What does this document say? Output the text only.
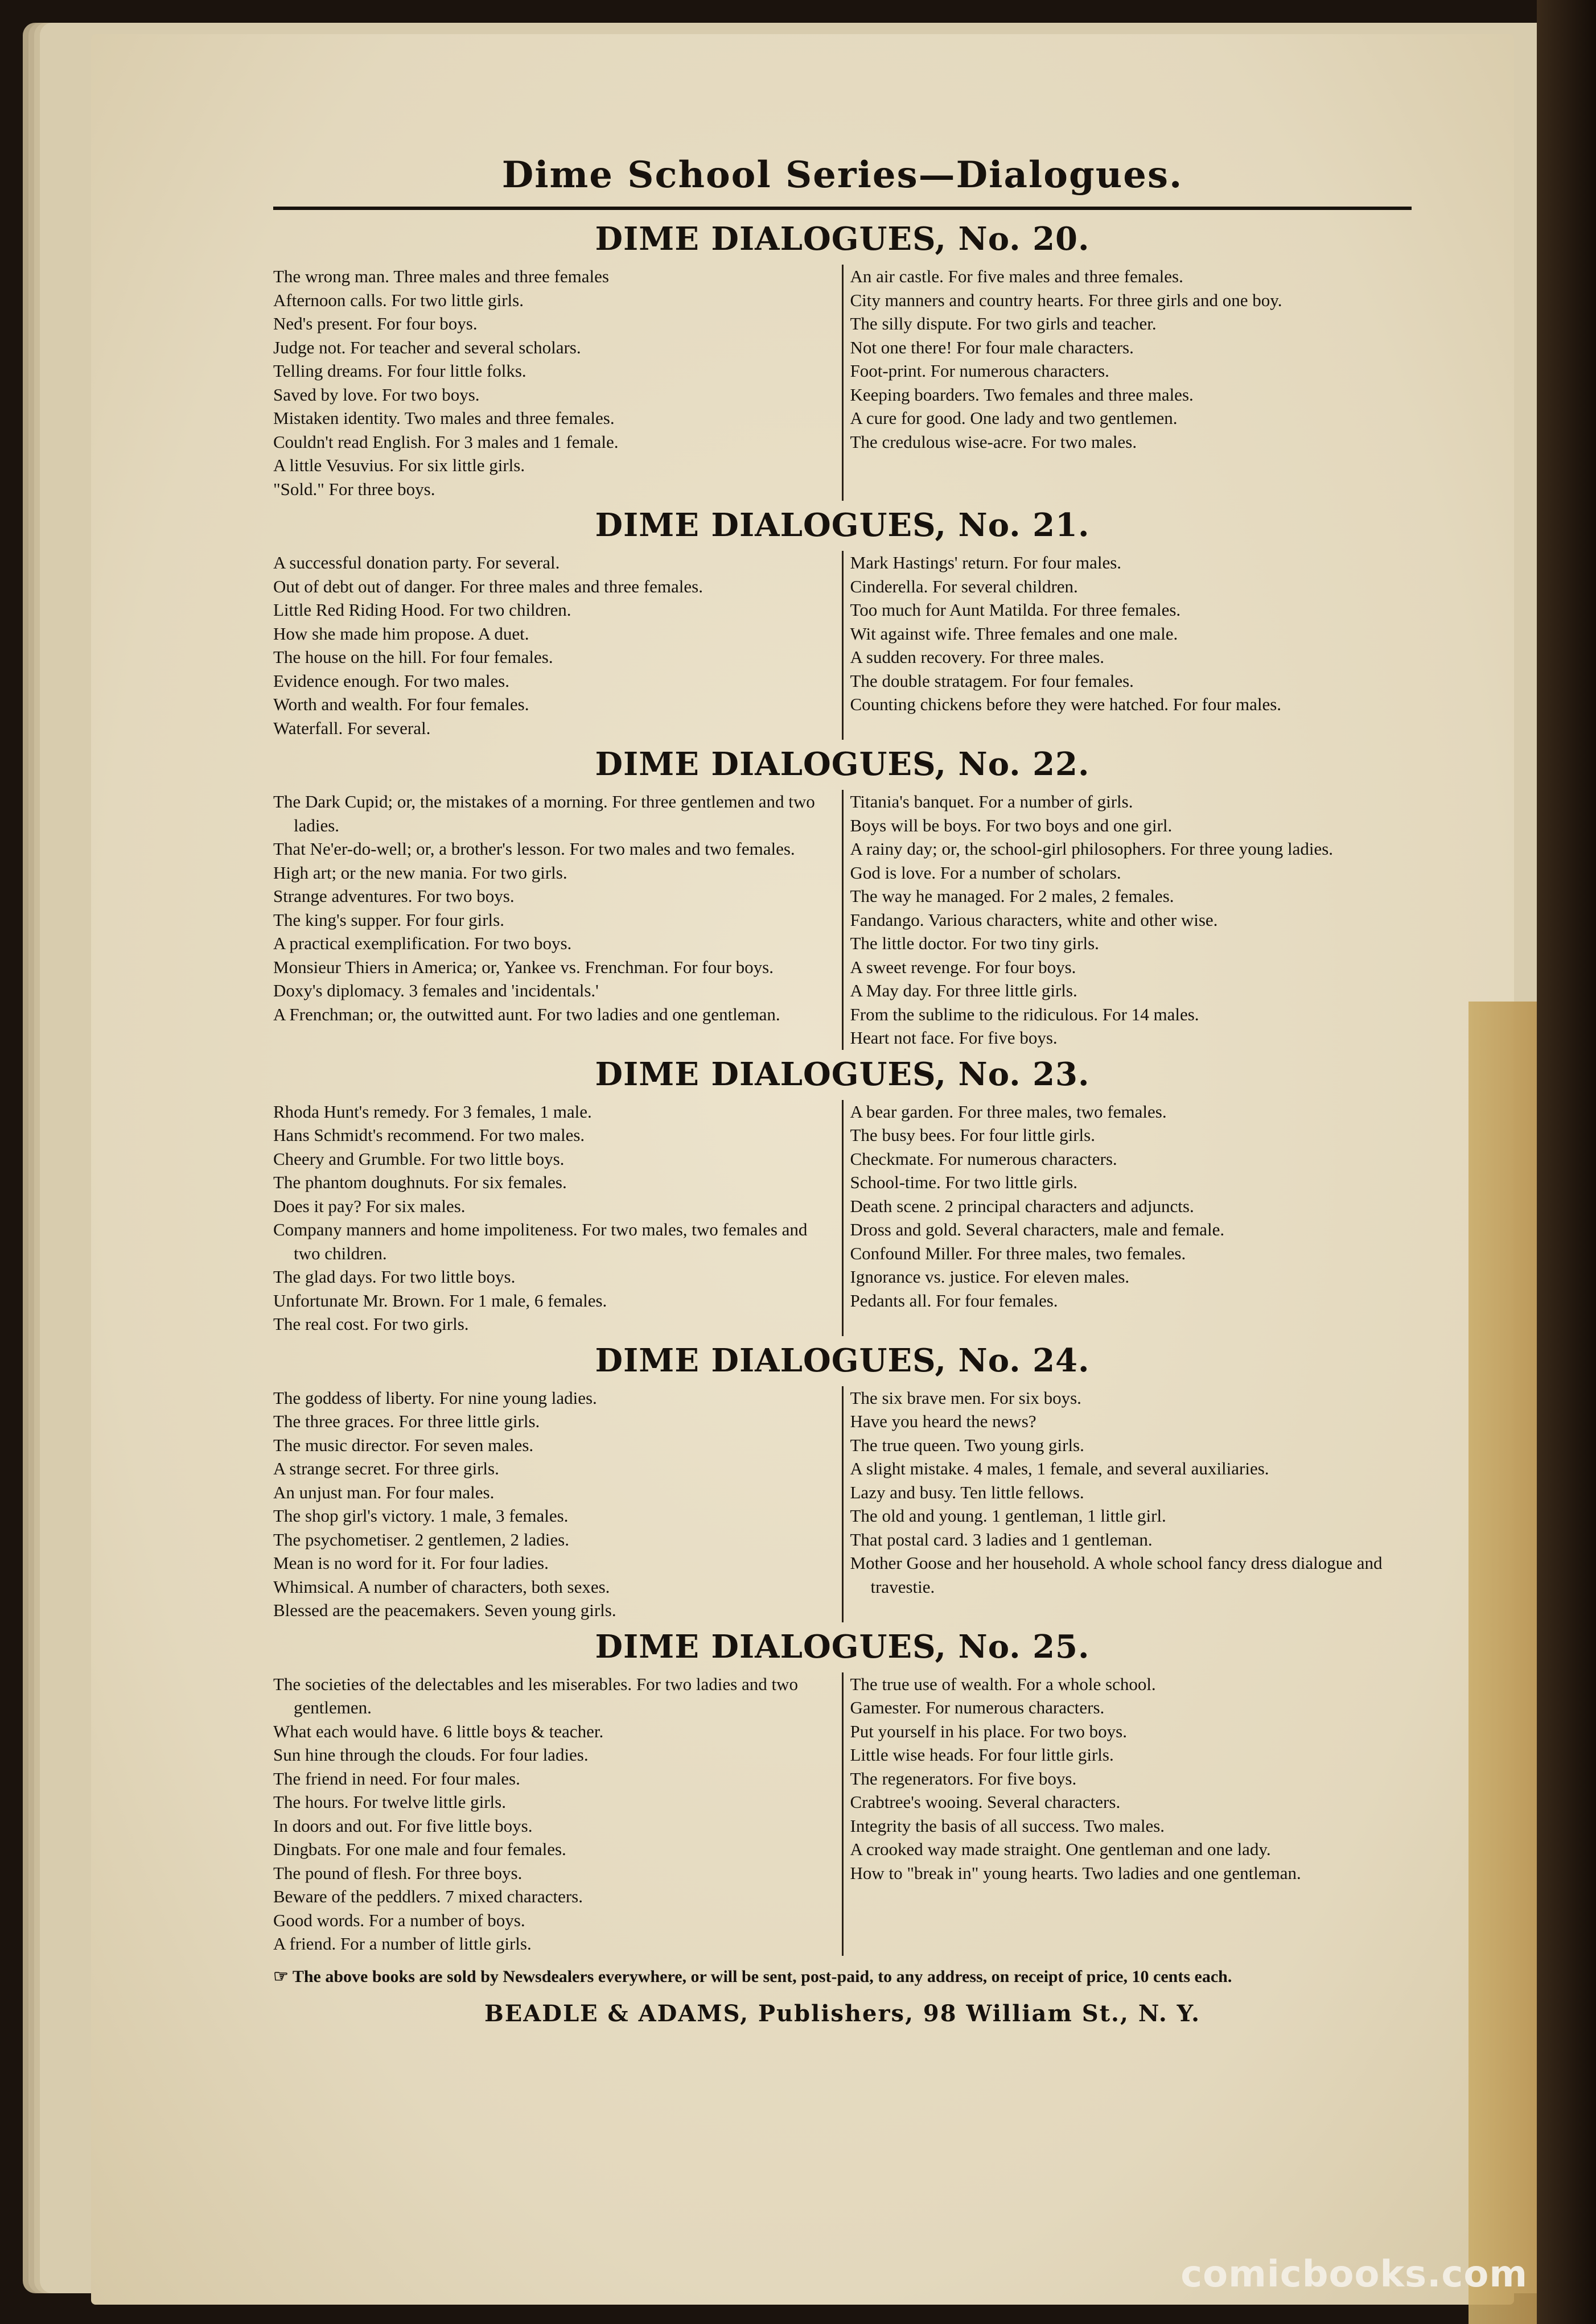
Dime School Series—Dialogues.
DIME DIALOGUES, No. 20.
The wrong man. Three males and three females
Afternoon calls. For two little girls.
Ned's present. For four boys.
Judge not. For teacher and several scholars.
Telling dreams. For four little folks.
Saved by love. For two boys.
Mistaken identity. Two males and three females.
Couldn't read English. For 3 males and 1 female.
A little Vesuvius. For six little girls.
"Sold." For three boys.
An air castle. For five males and three females.
City manners and country hearts. For three girls and one boy.
The silly dispute. For two girls and teacher.
Not one there! For four male characters.
Foot-print. For numerous characters.
Keeping boarders. Two females and three males.
A cure for good. One lady and two gentlemen.
The credulous wise-acre. For two males.
DIME DIALOGUES, No. 21.
A successful donation party. For several.
Out of debt out of danger. For three males and three females.
Little Red Riding Hood. For two children.
How she made him propose. A duet.
The house on the hill. For four females.
Evidence enough. For two males.
Worth and wealth. For four females.
Waterfall. For several.
Mark Hastings' return. For four males.
Cinderella. For several children.
Too much for Aunt Matilda. For three females.
Wit against wife. Three females and one male.
A sudden recovery. For three males.
The double stratagem. For four females.
Counting chickens before they were hatched. For four males.
DIME DIALOGUES, No. 22.
The Dark Cupid; or, the mistakes of a morning. For three gentlemen and two ladies.
That Ne'er-do-well; or, a brother's lesson. For two males and two females.
High art; or the new mania. For two girls.
Strange adventures. For two boys.
The king's supper. For four girls.
A practical exemplification. For two boys.
Monsieur Thiers in America; or, Yankee vs. Frenchman. For four boys.
Doxy's diplomacy. 3 females and 'incidentals.'
A Frenchman; or, the outwitted aunt. For two ladies and one gentleman.
Titania's banquet. For a number of girls.
Boys will be boys. For two boys and one girl.
A rainy day; or, the school-girl philosophers. For three young ladies.
God is love. For a number of scholars.
The way he managed. For 2 males, 2 females.
Fandango. Various characters, white and other wise.
The little doctor. For two tiny girls.
A sweet revenge. For four boys.
A May day. For three little girls.
From the sublime to the ridiculous. For 14 males.
Heart not face. For five boys.
DIME DIALOGUES, No. 23.
Rhoda Hunt's remedy. For 3 females, 1 male.
Hans Schmidt's recommend. For two males.
Cheery and Grumble. For two little boys.
The phantom doughnuts. For six females.
Does it pay? For six males.
Company manners and home impoliteness. For two males, two females and two children.
The glad days. For two little boys.
Unfortunate Mr. Brown. For 1 male, 6 females.
The real cost. For two girls.
A bear garden. For three males, two females.
The busy bees. For four little girls.
Checkmate. For numerous characters.
School-time. For two little girls.
Death scene. 2 principal characters and adjuncts.
Dross and gold. Several characters, male and female.
Confound Miller. For three males, two females.
Ignorance vs. justice. For eleven males.
Pedants all. For four females.
DIME DIALOGUES, No. 24.
The goddess of liberty. For nine young ladies.
The three graces. For three little girls.
The music director. For seven males.
A strange secret. For three girls.
An unjust man. For four males.
The shop girl's victory. 1 male, 3 females.
The psychometiser. 2 gentlemen, 2 ladies.
Mean is no word for it. For four ladies.
Whimsical. A number of characters, both sexes.
Blessed are the peacemakers. Seven young girls.
The six brave men. For six boys.
Have you heard the news?
The true queen. Two young girls.
A slight mistake. 4 males, 1 female, and several auxiliaries.
Lazy and busy. Ten little fellows.
The old and young. 1 gentleman, 1 little girl.
That postal card. 3 ladies and 1 gentleman.
Mother Goose and her household. A whole school fancy dress dialogue and travestie.
DIME DIALOGUES, No. 25.
The societies of the delectables and les miserables. For two ladies and two gentlemen.
What each would have. 6 little boys & teacher.
Sun hine through the clouds. For four ladies.
The friend in need. For four males.
The hours. For twelve little girls.
In doors and out. For five little boys.
Dingbats. For one male and four females.
The pound of flesh. For three boys.
Beware of the peddlers. 7 mixed characters.
Good words. For a number of boys.
A friend. For a number of little girls.
The true use of wealth. For a whole school.
Gamester. For numerous characters.
Put yourself in his place. For two boys.
Little wise heads. For four little girls.
The regenerators. For five boys.
Crabtree's wooing. Several characters.
Integrity the basis of all success. Two males.
A crooked way made straight. One gentleman and one lady.
How to "break in" young hearts. Two ladies and one gentleman.
☞ The above books are sold by Newsdealers everywhere, or will be sent, post-paid, to any address, on receipt of price, 10 cents each.
BEADLE & ADAMS, Publishers, 98 William St., N. Y.
comicbooks.com
